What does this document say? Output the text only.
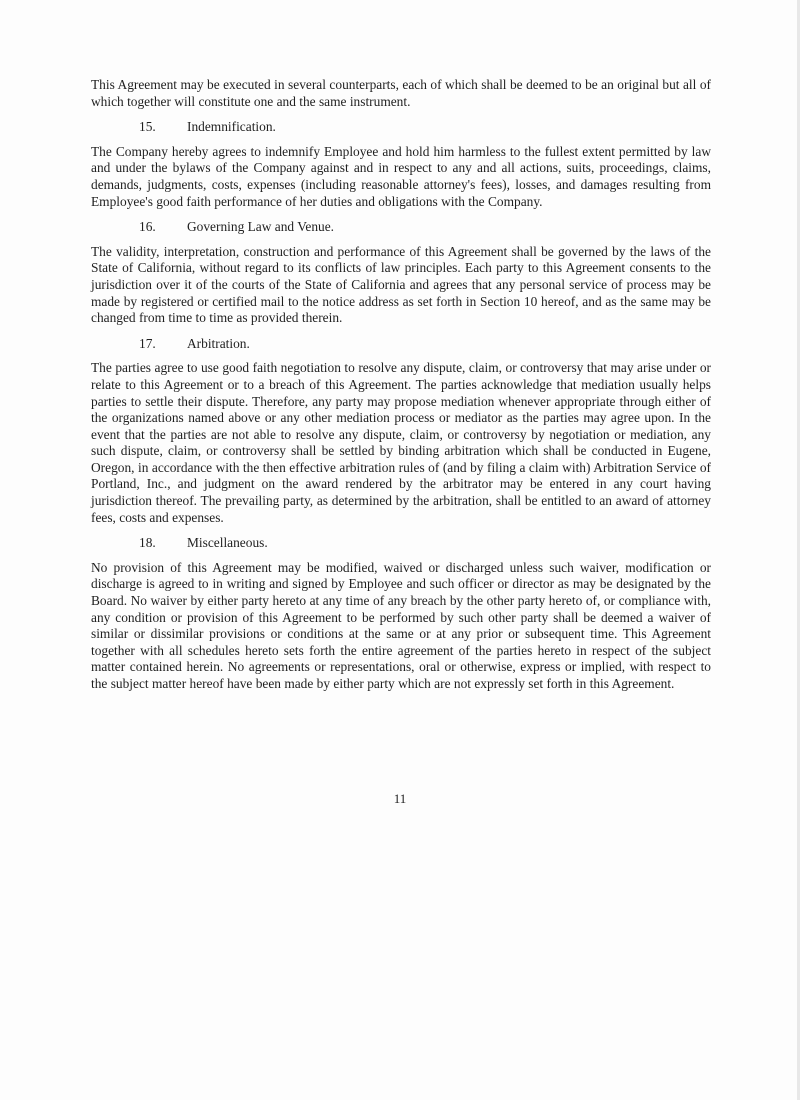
This Agreement may be executed in several counterparts, each of which shall be deemed to be an original but all of which together will constitute one and the same instrument.

15. Indemnification.

The Company hereby agrees to indemnify Employee and hold him harmless to the fullest extent permitted by law and under the bylaws of the Company against and in respect to any and all actions, suits, proceedings, claims, demands, judgments, costs, expenses (including reasonable attorney's fees), losses, and damages resulting from Employee's good faith performance of her duties and obligations with the Company.

16. Governing Law and Venue.

The validity, interpretation, construction and performance of this Agreement shall be governed by the laws of the State of California, without regard to its conflicts of law principles. Each party to this Agreement consents to the jurisdiction over it of the courts of the State of California and agrees that any personal service of process may be made by registered or certified mail to the notice address as set forth in Section 10 hereof, and as the same may be changed from time to time as provided therein.

17. Arbitration.

The parties agree to use good faith negotiation to resolve any dispute, claim, or controversy that may arise under or relate to this Agreement or to a breach of this Agreement. The parties acknowledge that mediation usually helps parties to settle their dispute. Therefore, any party may propose mediation whenever appropriate through either of the organizations named above or any other mediation process or mediator as the parties may agree upon. In the event that the parties are not able to resolve any dispute, claim, or controversy by negotiation or mediation, any such dispute, claim, or controversy shall be settled by binding arbitration which shall be conducted in Eugene, Oregon, in accordance with the then effective arbitration rules of (and by filing a claim with) Arbitration Service of Portland, Inc., and judgment on the award rendered by the arbitrator may be entered in any court having jurisdiction thereof. The prevailing party, as determined by the arbitration, shall be entitled to an award of attorney fees, costs and expenses.

18. Miscellaneous.

No provision of this Agreement may be modified, waived or discharged unless such waiver, modification or discharge is agreed to in writing and signed by Employee and such officer or director as may be designated by the Board. No waiver by either party hereto at any time of any breach by the other party hereto of, or compliance with, any condition or provision of this Agreement to be performed by such other party shall be deemed a waiver of similar or dissimilar provisions or conditions at the same or at any prior or subsequent time. This Agreement together with all schedules hereto sets forth the entire agreement of the parties hereto in respect of the subject matter contained herein. No agreements or representations, oral or otherwise, express or implied, with respect to the subject matter hereof have been made by either party which are not expressly set forth in this Agreement.

11
